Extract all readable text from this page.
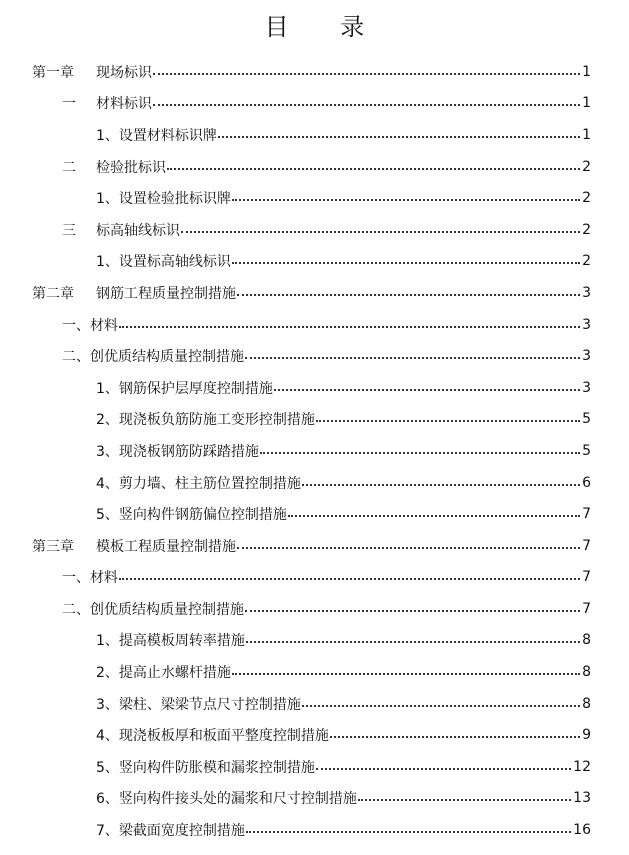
目 录
第一章 现场标识	1
一 材料标识	1
1、设置材料标识牌	1
二 检验批标识	2
1、设置检验批标识牌	2
三 标高轴线标识	2
1、设置标高轴线标识	2
第二章 钢筋工程质量控制措施	3
一、材料	3
二、创优质结构质量控制措施	3
1、钢筋保护层厚度控制措施	3
2、现浇板负筋防施工变形控制措施	5
3、现浇板钢筋防踩踏措施	5
4、剪力墙、柱主筋位置控制措施	6
5、竖向构件钢筋偏位控制措施	7
第三章 模板工程质量控制措施	7
一、材料	7
二、创优质结构质量控制措施	7
1、提高模板周转率措施	8
2、提高止水螺杆措施	8
3、梁柱、梁梁节点尺寸控制措施	8
4、现浇板板厚和板面平整度控制措施	9
5、竖向构件防胀模和漏浆控制措施	12
6、竖向构件接头处的漏浆和尺寸控制措施	13
7、梁截面宽度控制措施	16
